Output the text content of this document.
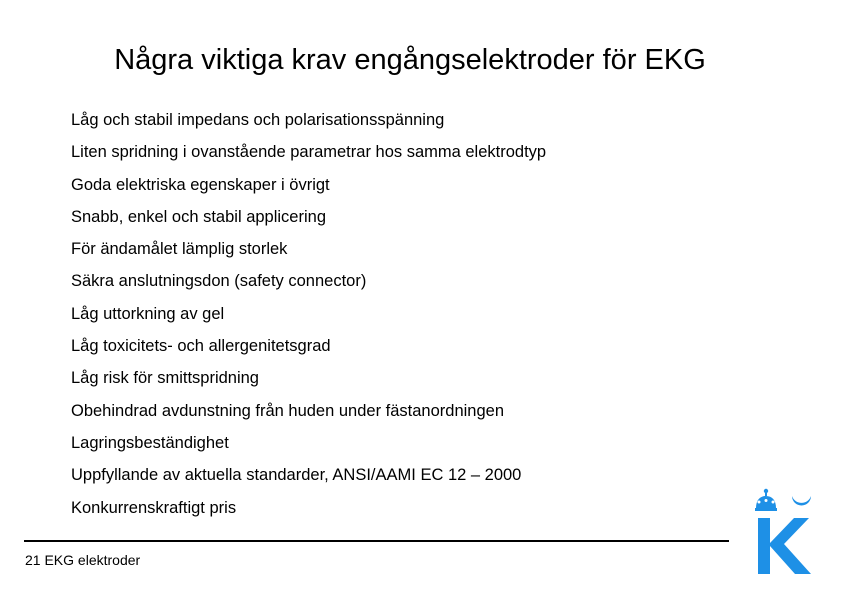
Några viktiga krav engångselektroder för EKG
Låg och stabil impedans och polarisationsspänning
Liten spridning i ovanstående parametrar hos samma elektrodtyp
Goda elektriska egenskaper i övrigt
Snabb, enkel och stabil applicering
För ändamålet lämplig storlek
Säkra anslutningsdon (safety connector)
Låg uttorkning av gel
Låg toxicitets- och allergenitetsgrad
Låg risk för smittspridning
Obehindrad avdunstning från huden under fästanordningen
Lagringsbeständighet
Uppfyllande av aktuella standarder, ANSI/AAMI EC 12 – 2000
Konkurrenskraftigt pris
21 EKG elektroder
